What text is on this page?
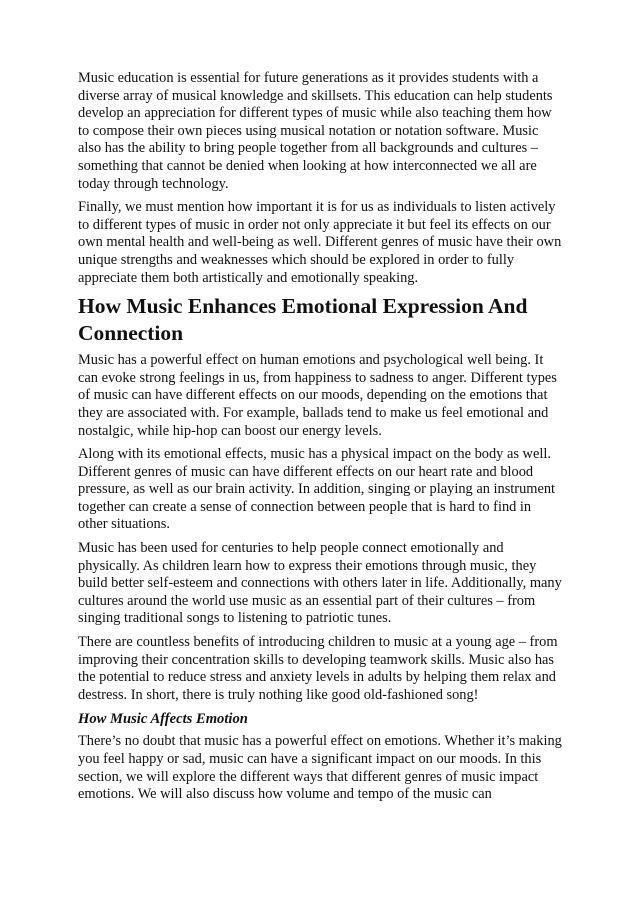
Music education is essential for future generations as it provides students with a diverse array of musical knowledge and skillsets. This education can help students develop an appreciation for different types of music while also teaching them how to compose their own pieces using musical notation or notation software. Music also has the ability to bring people together from all backgrounds and cultures – something that cannot be denied when looking at how interconnected we all are today through technology.

Finally, we must mention how important it is for us as individuals to listen actively to different types of music in order not only appreciate it but feel its effects on our own mental health and well-being as well. Different genres of music have their own unique strengths and weaknesses which should be explored in order to fully appreciate them both artistically and emotionally speaking.

How Music Enhances Emotional Expression And Connection

Music has a powerful effect on human emotions and psychological well being. It can evoke strong feelings in us, from happiness to sadness to anger. Different types of music can have different effects on our moods, depending on the emotions that they are associated with. For example, ballads tend to make us feel emotional and nostalgic, while hip-hop can boost our energy levels.

Along with its emotional effects, music has a physical impact on the body as well. Different genres of music can have different effects on our heart rate and blood pressure, as well as our brain activity. In addition, singing or playing an instrument together can create a sense of connection between people that is hard to find in other situations.

Music has been used for centuries to help people connect emotionally and physically. As children learn how to express their emotions through music, they build better self-esteem and connections with others later in life. Additionally, many cultures around the world use music as an essential part of their cultures – from singing traditional songs to listening to patriotic tunes.

There are countless benefits of introducing children to music at a young age – from improving their concentration skills to developing teamwork skills. Music also has the potential to reduce stress and anxiety levels in adults by helping them relax and destress. In short, there is truly nothing like good old-fashioned song!

How Music Affects Emotion

There’s no doubt that music has a powerful effect on emotions. Whether it’s making you feel happy or sad, music can have a significant impact on our moods. In this section, we will explore the different ways that different genres of music impact emotions. We will also discuss how volume and tempo of the music can
